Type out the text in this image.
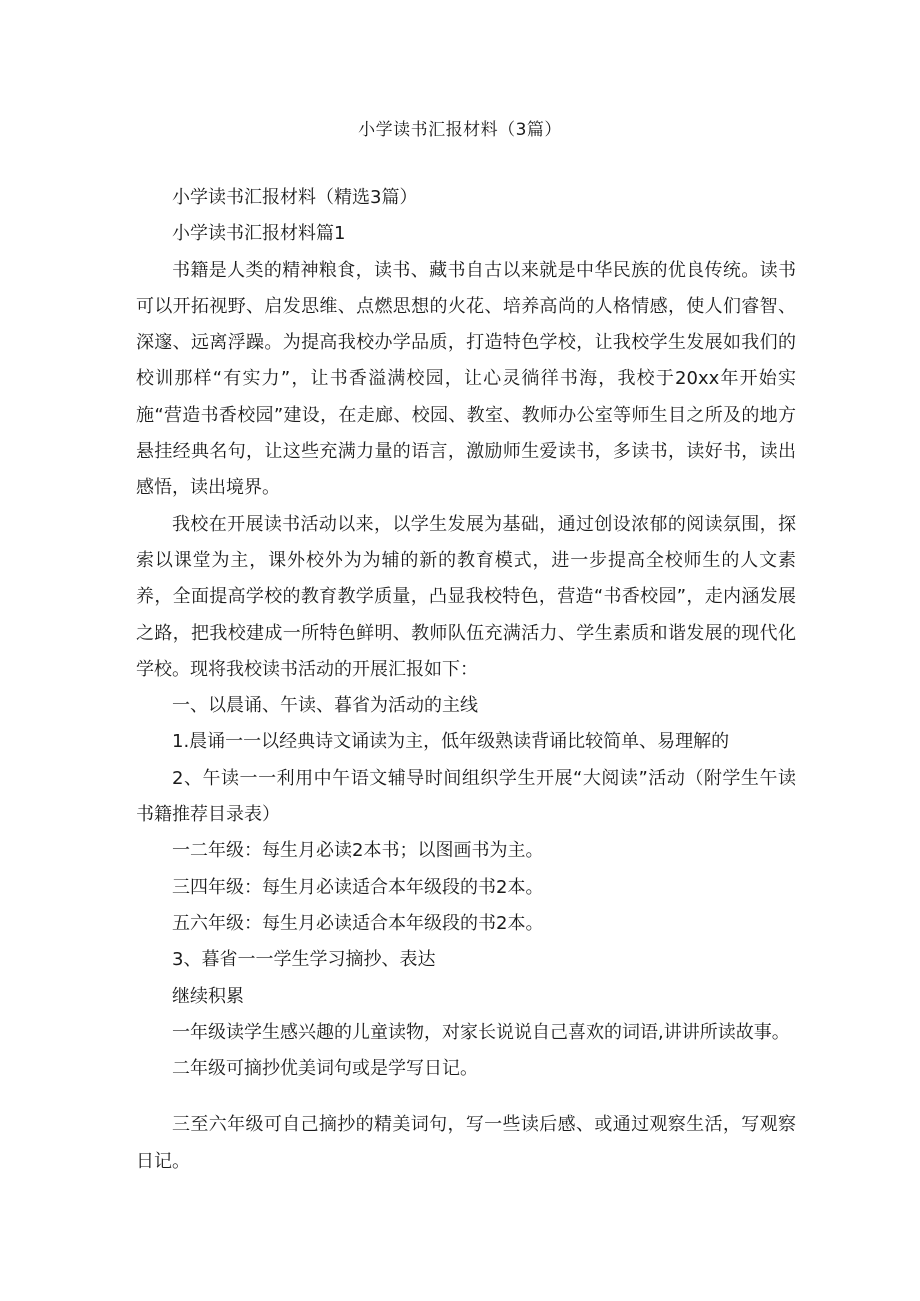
小学读书汇报材料（3篇）

小学读书汇报材料（精选3篇）

小学读书汇报材料篇1

书籍是人类的精神粮食，读书、藏书自古以来就是中华民族的优良传统。读书可以开拓视野、启发思维、点燃思想的火花、培养高尚的人格情感，使人们睿智、深邃、远离浮躁。为提高我校办学品质，打造特色学校，让我校学生发展如我们的校训那样“有实力”，让书香溢满校园，让心灵徜徉书海，我校于20xx年开始实施“营造书香校园”建设，在走廊、校园、教室、教师办公室等师生目之所及的地方悬挂经典名句，让这些充满力量的语言，激励师生爱读书，多读书，读好书，读出感悟，读出境界。

我校在开展读书活动以来，以学生发展为基础，通过创设浓郁的阅读氛围，探索以课堂为主，课外校外为为辅的新的教育模式，进一步提高全校师生的人文素养，全面提高学校的教育教学质量，凸显我校特色，营造“书香校园”，走内涵发展之路，把我校建成一所特色鲜明、教师队伍充满活力、学生素质和谐发展的现代化学校。现将我校读书活动的开展汇报如下：

一、以晨诵、午读、暮省为活动的主线

1.晨诵一一以经典诗文诵读为主，低年级熟读背诵比较简单、易理解的

2、午读一一利用中午语文辅导时间组织学生开展“大阅读”活动（附学生午读书籍推荐目录表）

一二年级：每生月必读2本书；以图画书为主。

三四年级：每生月必读适合本年级段的书2本。

五六年级：每生月必读适合本年级段的书2本。

3、暮省一一学生学习摘抄、表达

继续积累

一年级读学生感兴趣的儿童读物，对家长说说自己喜欢的词语,讲讲所读故事。

二年级可摘抄优美词句或是学写日记。

三至六年级可自己摘抄的精美词句，写一些读后感、或通过观察生活，写观察日记。
